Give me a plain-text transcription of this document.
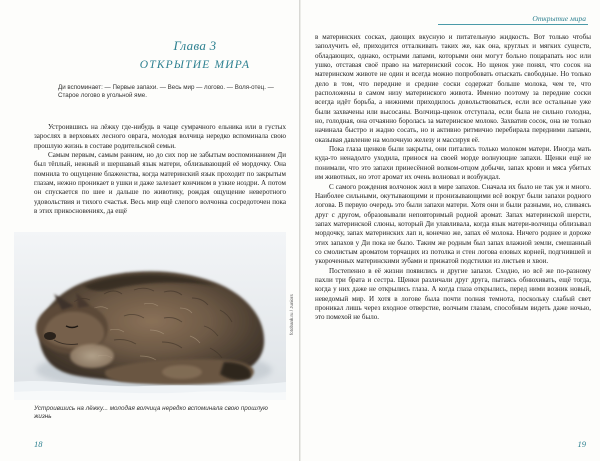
Глава 3
ОТКРЫТИЕ МИРА
Ди вспоминает: — Первые запахи. — Весь мир — логово. — Воля-отец. — Старое логово в угольной яме.

Устроившись на лёжку где-нибудь в чаще сумрачного ельника или в густых зарослях в верховьях лесного оврага, молодая волчица нередко вспоминала свою прошлую жизнь в составе родительской семьи.

Самым первым, самым ранним, но до сих пор не забытым воспоминанием Ди был тёплый, нежный и шершавый язык матери, облизывающий её мордочку. Она помнила то ощущение блаженства, когда материнский язык проходит по закрытым глазам, нежно проникает в ушки и даже залезает кончиком в узкие ноздри. А потом он спускается по шее и дальше по животику, рождая ощущение неверотного удовольствия и тихого счастья. Весь мир ещё слепого волчонка сосредоточен пока в этих прикосновениях, да ещё

fotobank.ru / Juniors
Устроившись на лёжку... молодая волчица нередко вспоминала свою прошлую жизнь
18
Открытие мира

в материнских сосках, дающих вкусную и питательную жидкость. Вот только чтобы заполучить её, приходится отталкивать таких же, как она, круглых и мягких существ, обладающих, однако, острыми лапами, которыми они могут больно поцарапать нос или ушко, отставая своё право на материнский сосок. Но щенок уже понял, что сосок на материнском животе не один и всегда можно попробовать отыскать свободные. Но только дело в том, что передние и средние соски содержат больше молока, чем те, что расположены в самом низу материнского живота. Именно поэтому за передние соски всегда идёт борьба, а нижними приходилось довольствоваться, если все остальные уже были захвачены или высосаны. Волчица-щенок отступала, если была не сильно голодна, но, голодная, она отчаянно боролась за материнское молоко. Захватив сосок, она не только начинала быстро и жадно сосать, но и активно ритмично перебирала передними лапами, оказывая давление на молочную железу и массируя её.

Пока глаза щенков были закрыты, они питались только молоком матери. Иногда мать куда-то ненадолго уходила, принося на своей морде волнующие запахи. Щенки ещё не понимали, что это запахи принесённой волком-отцом добычи, запах крови и мяса убитых им животных, но этот аромат их очень волновал и возбуждал.

С самого рождения волчонок жил в мире запахов. Сначала их было не так уж и много. Наиболее сильными, окутывающими и пронизывающими всё вокруг были запахи родного логова. В первую очередь это были запахи матери. Хотя они и были разными, но, сливаясь друг с другом, образовывали неповторимый родной аромат. Запах материнской шерсти, запах материнской слюны, который Ди улавливала, когда язык матери-волчицы облизывал мордочку, запах материнских лап и, конечно же, запах её молока. Ничего роднее и дороже этих запахов у Ди пока не было. Таким же родным был запах влажной земли, смешанный со смолистым ароматом торчащих из потолка и стен логова еловых корней, подгнившей и укороченных материнскими зубами и прижатой подстилки из листьев и хвои.

Постепенно в её жизни появились и другие запахи. Сходно, но всё же по-разному пахли три брата и сестра. Щенки различали друг друга, пытаясь обнюхивать, ещё тогда, когда у них даже не открылись глаза. А когда глаза открылись, перед ними возник новый, неведомый мир. И хотя в логове была почти полная темнота, поскольку слабый свет проникал лишь через входное отверстие, волчьим глазам, способным видеть даже ночью, это помехой не было.

19
